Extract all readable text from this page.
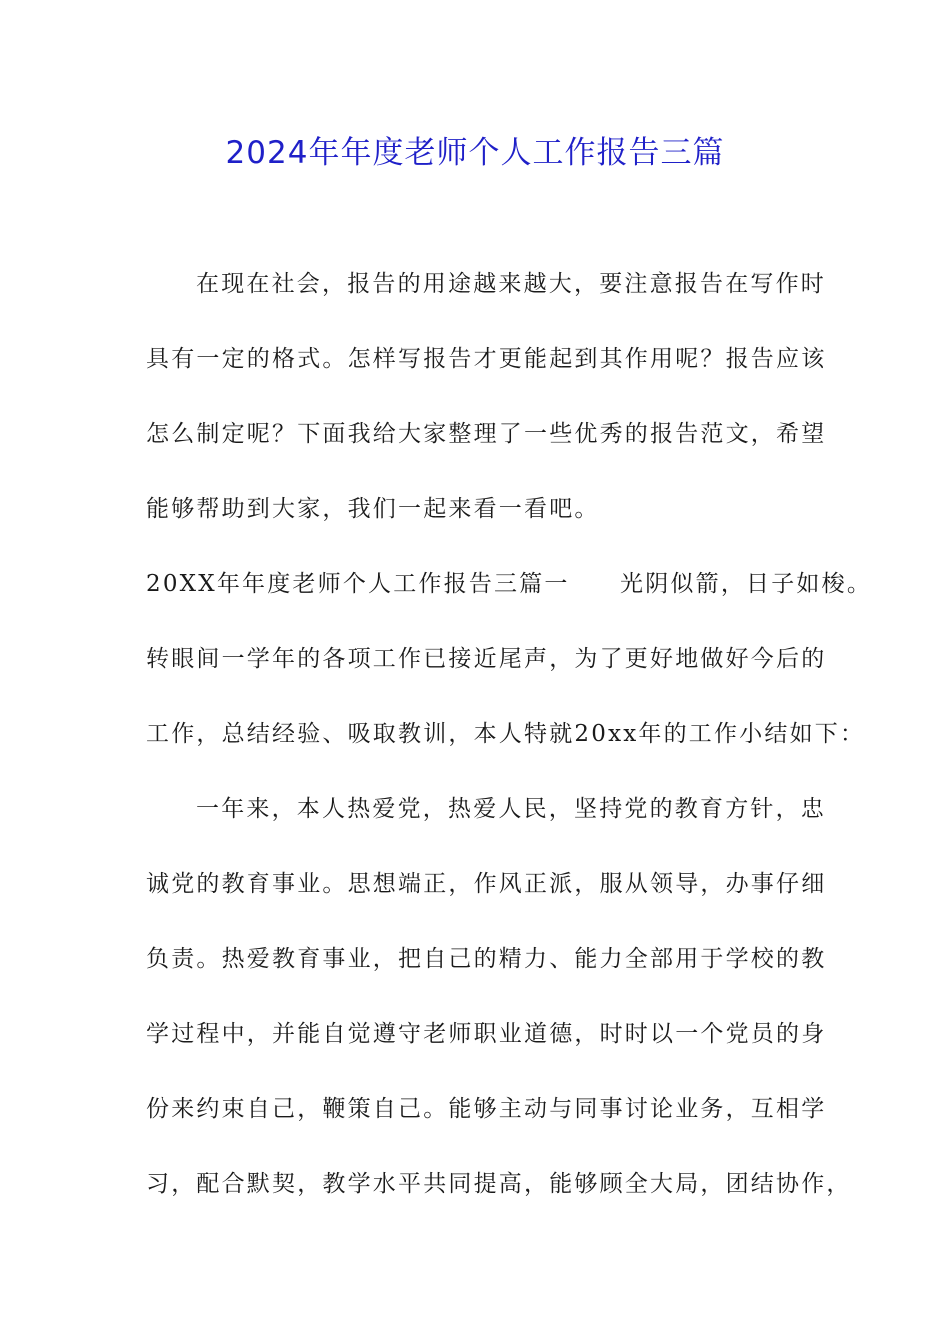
2024年年度老师个人工作报告三篇
在现在社会，报告的用途越来越大，要注意报告在写作时
具有一定的格式。怎样写报告才更能起到其作用呢？报告应该
怎么制定呢？下面我给大家整理了一些优秀的报告范文，希望
能够帮助到大家，我们一起来看一看吧。
20XX年年度老师个人工作报告三篇一　　光阴似箭，日子如梭。
转眼间一学年的各项工作已接近尾声，为了更好地做好今后的
工作，总结经验、吸取教训，本人特就20xx年的工作小结如下：
一年来，本人热爱党，热爱人民，坚持党的教育方针，忠
诚党的教育事业。思想端正，作风正派，服从领导，办事仔细
负责。热爱教育事业，把自己的精力、能力全部用于学校的教
学过程中，并能自觉遵守老师职业道德，时时以一个党员的身
份来约束自己，鞭策自己。能够主动与同事讨论业务，互相学
习，配合默契，教学水平共同提高，能够顾全大局，团结协作，
